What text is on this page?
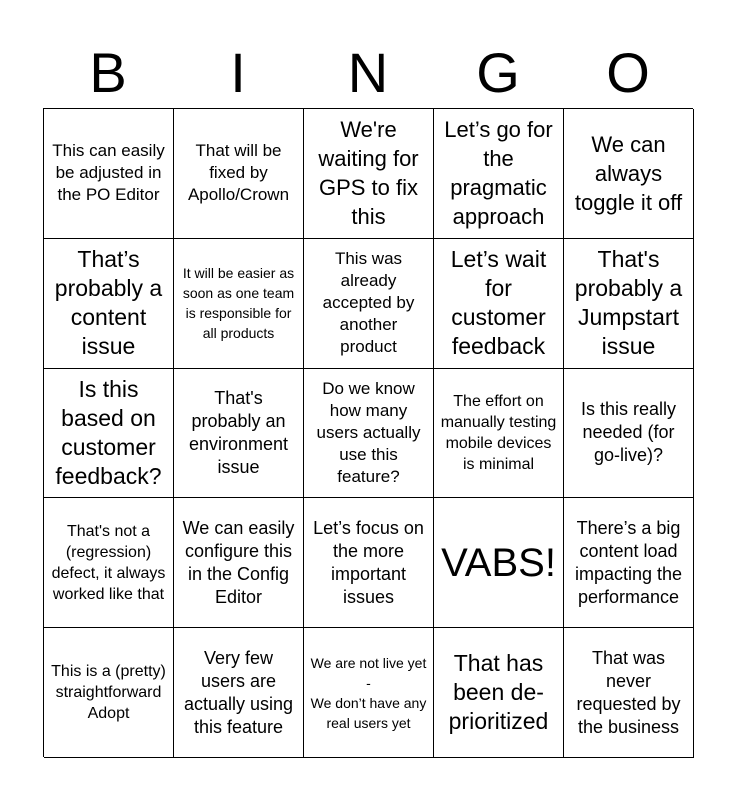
B	I	N	G	O
This can easily be adjusted in the PO Editor
That will be fixed by Apollo/Crown
We're waiting for GPS to fix this
Let’s go for the pragmatic approach
We can always toggle it off
That’s probably a content issue
It will be easier as soon as one team is responsible for all products
This was already accepted by another product
Let’s wait for customer feedback
That's probably a Jumpstart issue
Is this based on customer feedback?
That's probably an environment issue
Do we know how many users actually use this feature?
The effort on manually testing mobile devices is minimal
Is this really needed (for go-live)?
That's not a (regression) defect, it always worked like that
We can easily configure this in the Config Editor
Let’s focus on the more important issues
VABS!
There’s a big content load impacting the performance
This is a (pretty) straightforward Adopt
Very few users are actually using this feature
We are not live yet
-
We don’t have any real users yet
That has been de-prioritized
That was never requested by the business
